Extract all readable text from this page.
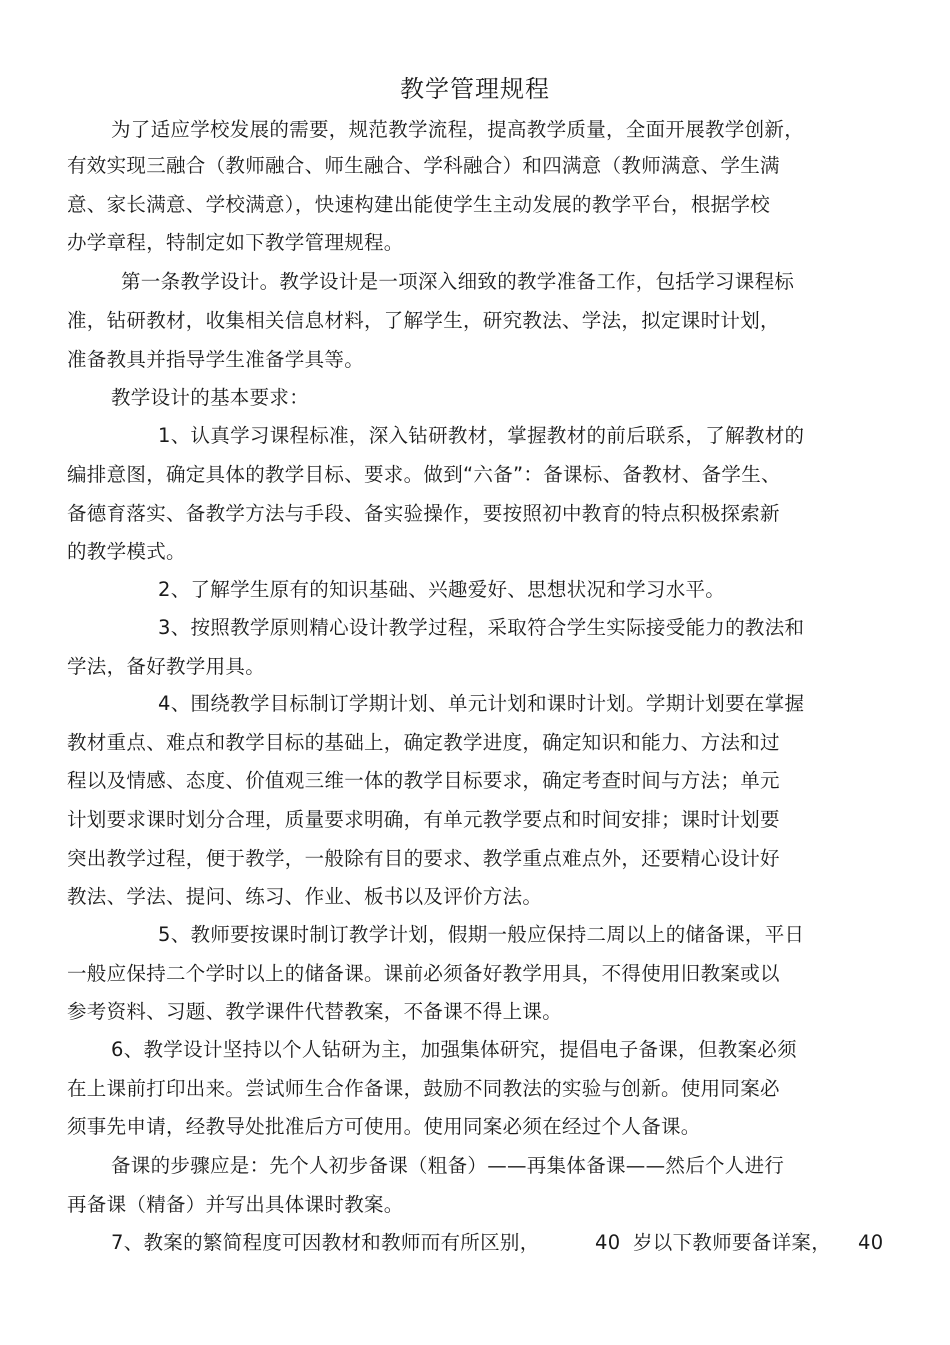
教学管理规程
为了适应学校发展的需要，规范教学流程，提高教学质量，全面开展教学创新，
有效实现三融合（教师融合、师生融合、学科融合）和四满意（教师满意、学生满
意、家长满意、学校满意），快速构建出能使学生主动发展的教学平台，根据学校
办学章程，特制定如下教学管理规程。
第一条教学设计。教学设计是一项深入细致的教学准备工作，包括学习课程标
准，钻研教材，收集相关信息材料，了解学生，研究教法、学法，拟定课时计划，
准备教具并指导学生准备学具等。
教学设计的基本要求：
1、认真学习课程标准，深入钻研教材，掌握教材的前后联系，了解教材的
编排意图，确定具体的教学目标、要求。做到“六备”：备课标、备教材、备学生、
备德育落实、备教学方法与手段、备实验操作，要按照初中教育的特点积极探索新
的教学模式。
2、了解学生原有的知识基础、兴趣爱好、思想状况和学习水平。
3、按照教学原则精心设计教学过程，采取符合学生实际接受能力的教法和
学法，备好教学用具。
4、围绕教学目标制订学期计划、单元计划和课时计划。学期计划要在掌握
教材重点、难点和教学目标的基础上，确定教学进度，确定知识和能力、方法和过
程以及情感、态度、价值观三维一体的教学目标要求，确定考查时间与方法；单元
计划要求课时划分合理，质量要求明确，有单元教学要点和时间安排；课时计划要
突出教学过程，便于教学，一般除有目的要求、教学重点难点外，还要精心设计好
教法、学法、提问、练习、作业、板书以及评价方法。
5、教师要按课时制订教学计划，假期一般应保持二周以上的储备课，平日
一般应保持二个学时以上的储备课。课前必须备好教学用具，不得使用旧教案或以
参考资料、习题、教学课件代替教案，不备课不得上课。
6、教学设计坚持以个人钻研为主，加强集体研究，提倡电子备课，但教案必须
在上课前打印出来。尝试师生合作备课，鼓励不同教法的实验与创新。使用同案必
须事先申请，经教导处批准后方可使用。使用同案必须在经过个人备课。
备课的步骤应是：先个人初步备课（粗备）——再集体备课——然后个人进行
再备课（精备）并写出具体课时教案。
7、教案的繁简程度可因教材和教师而有所区别，	40 岁以下教师要备详案， 40
